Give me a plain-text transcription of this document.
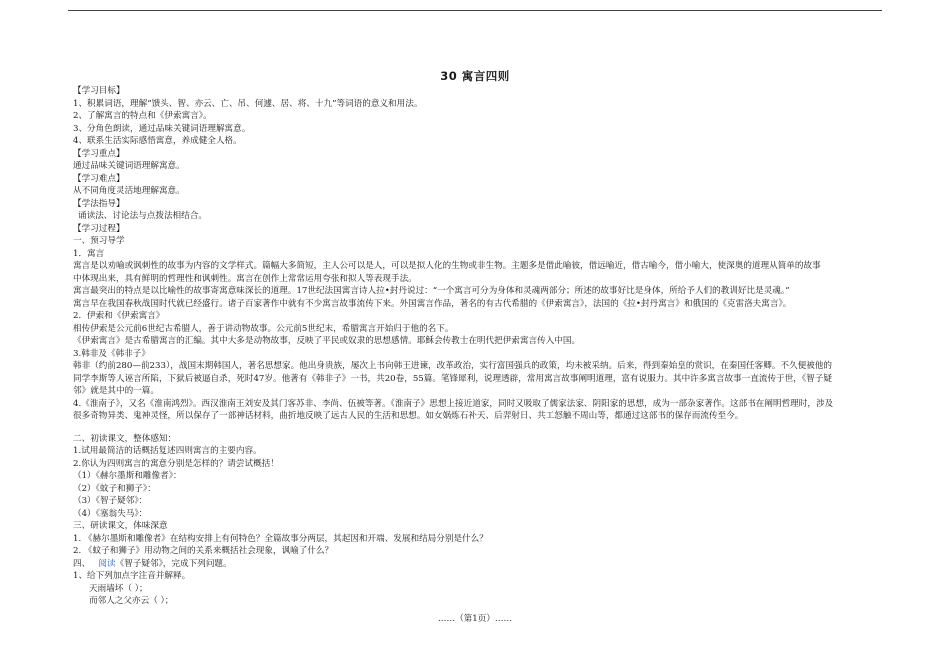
30 寓言四则
【学习目标】
1、积累词语，理解“馈头、智、亦云、亡、吊、何遽、居、将、十九”等词语的意义和用法。
2、了解寓言的特点和《伊索寓言》。
3、分角色朗读，通过品味关键词语理解寓意。
4、联系生活实际感悟寓意，养成健全人格。
【学习重点】
通过品味关键词语理解寓意。
【学习难点】
从不同角度灵活地理解寓意。
【学法指导】
诵读法、讨论法与点拨法相结合。
【学习过程】
一、预习导学
1．寓言
寓言是以劝喻或讽刺性的故事为内容的文学样式。篇幅大多简短，主人公可以是人，可以是拟人化的生物或非生物。主题多是借此喻彼，借远喻近，借古喻今，借小喻大，使深奥的道理从简单的故事
中体现出来，具有鲜明的哲理性和讽刺性。寓言在创作上常常运用夸张和拟人等表现手法。
寓言最突出的特点是以比喻性的故事寄寓意味深长的道理。17世纪法国寓言诗人拉•封丹说过：“一个寓言可分为身体和灵魂两部分；所述的故事好比是身体，所给予人们的教训好比是灵魂。”
寓言早在我国春秋战国时代就已经盛行。诸子百家著作中就有不少寓言故事流传下来。外国寓言作品，著名的有古代希腊的《伊索寓言》，法国的《拉•封丹寓言》和俄国的《克雷洛夫寓言》。
2．伊索和《伊索寓言》
相传伊索是公元前6世纪古希腊人，善于讲动物故事。公元前5世纪末，希腊寓言开始归于他的名下。
《伊索寓言》是古希腊寓言的汇编。其中大多是动物故事，反映了平民或奴隶的思想感情。耶稣会传教士在明代把伊索寓言传入中国。
3.韩非及《韩非子》
韩非（约前280—前233），战国末期韩国人，著名思想家。他出身贵族，屡次上书向韩王进谏，改革政治，实行富国强兵的政策，均未被采纳。后来，得到秦始皇的赏识，在秦国任客卿。不久便被他的
同学李斯等人诬言所陷，下狱后被逼自杀，死时47岁。他著有《韩非子》一书，共20卷，55篇。笔锋犀利，说理透辟，常用寓言故事阐明道理，富有说服力。其中许多寓言故事一直流传于世，《智子疑
邻》就是其中的一篇。
4.《淮南子》，又名《淮南鸿烈》。西汉淮南王刘安及其门客苏非、李尚、伍被等著。《淮南子》思想上接近道家，同时又吸取了儒家法家、阴阳家的思想，成为一部杂家著作。这部书在阐明哲理时，涉及
很多奇物异类、鬼神灵怪，所以保存了一部神话材料，曲折地反映了远古人民的生活和思想。如女娲炼石补天、后羿射日、共工怒触不周山等，都通过这部书的保存而流传至今。
二、初读课文，整体感知：
1.试用最简洁的话概括复述四则寓言的主要内容。
2.你认为四则寓言的寓意分别是怎样的？请尝试概括！
（1）《赫尔墨斯和雕像者》：
（2）《蚊子和狮子》：
（3）《智子疑邻》：
（4）《塞翁失马》：
三、研读课文，体味深意
1. 《赫尔墨斯和雕像者》在结构安排上有何特色？全篇故事分两层，其起因和开端、发展和结局分别是什么？
2. 《蚊子和狮子》用动物之间的关系来概括社会现象，讽喻了什么？
四、 阅读《智子疑邻》，完成下列问题。
1、给下列加点字注音并解释。
天雨墙坏（ ）；
而邻人之父亦云（ ）；
……（第1页）……
